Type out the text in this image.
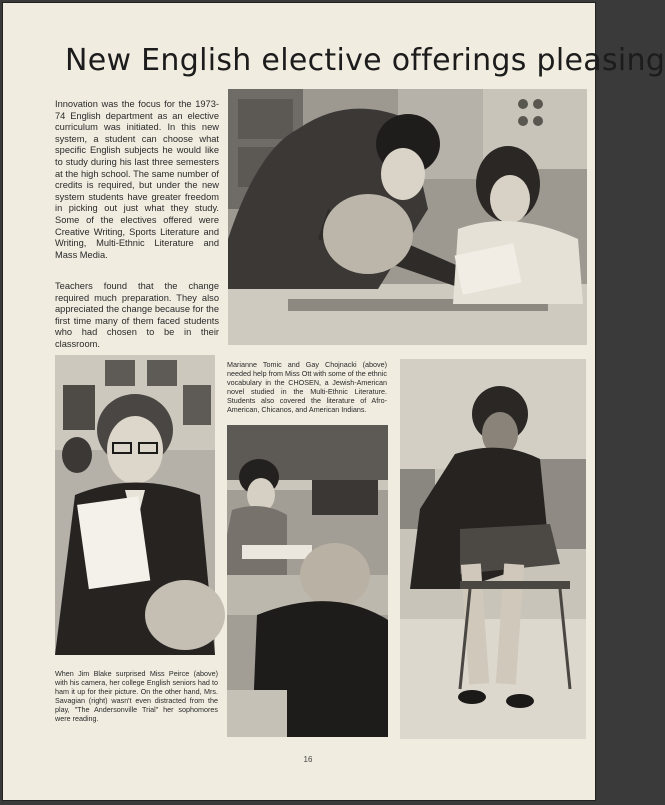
New English elective offerings pleasing

Innovation was the focus for the 1973-74 English department as an elective curriculum was initiated. In this new system, a student can choose what specific English subjects he would like to study during his last three semesters at the high school. The same number of credits is required, but under the new system students have greater freedom in picking out just what they study. Some of the electives offered were Creative Writing, Sports Literature and Writing, Multi-Ethnic Literature and Mass Media.

Teachers found that the change required much preparation. They also appreciated the change because for the first time many of them faced students who had chosen to be in their classroom.

Marianne Tomic and Gay Chojnacki (above) needed help from Miss Ott with some of the ethnic vocabulary in the CHOSEN, a Jewish-American novel studied in the Multi-Ethnic Literature. Students also covered the literature of Afro-American, Chicanos, and American Indians.

When Jim Blake surprised Miss Peirce (above) with his camera, her college English seniors had to ham it up for their picture. On the other hand, Mrs. Savagian (right) wasn't even distracted from the play, "The Andersonville Trial" her sophomores were reading.

16
